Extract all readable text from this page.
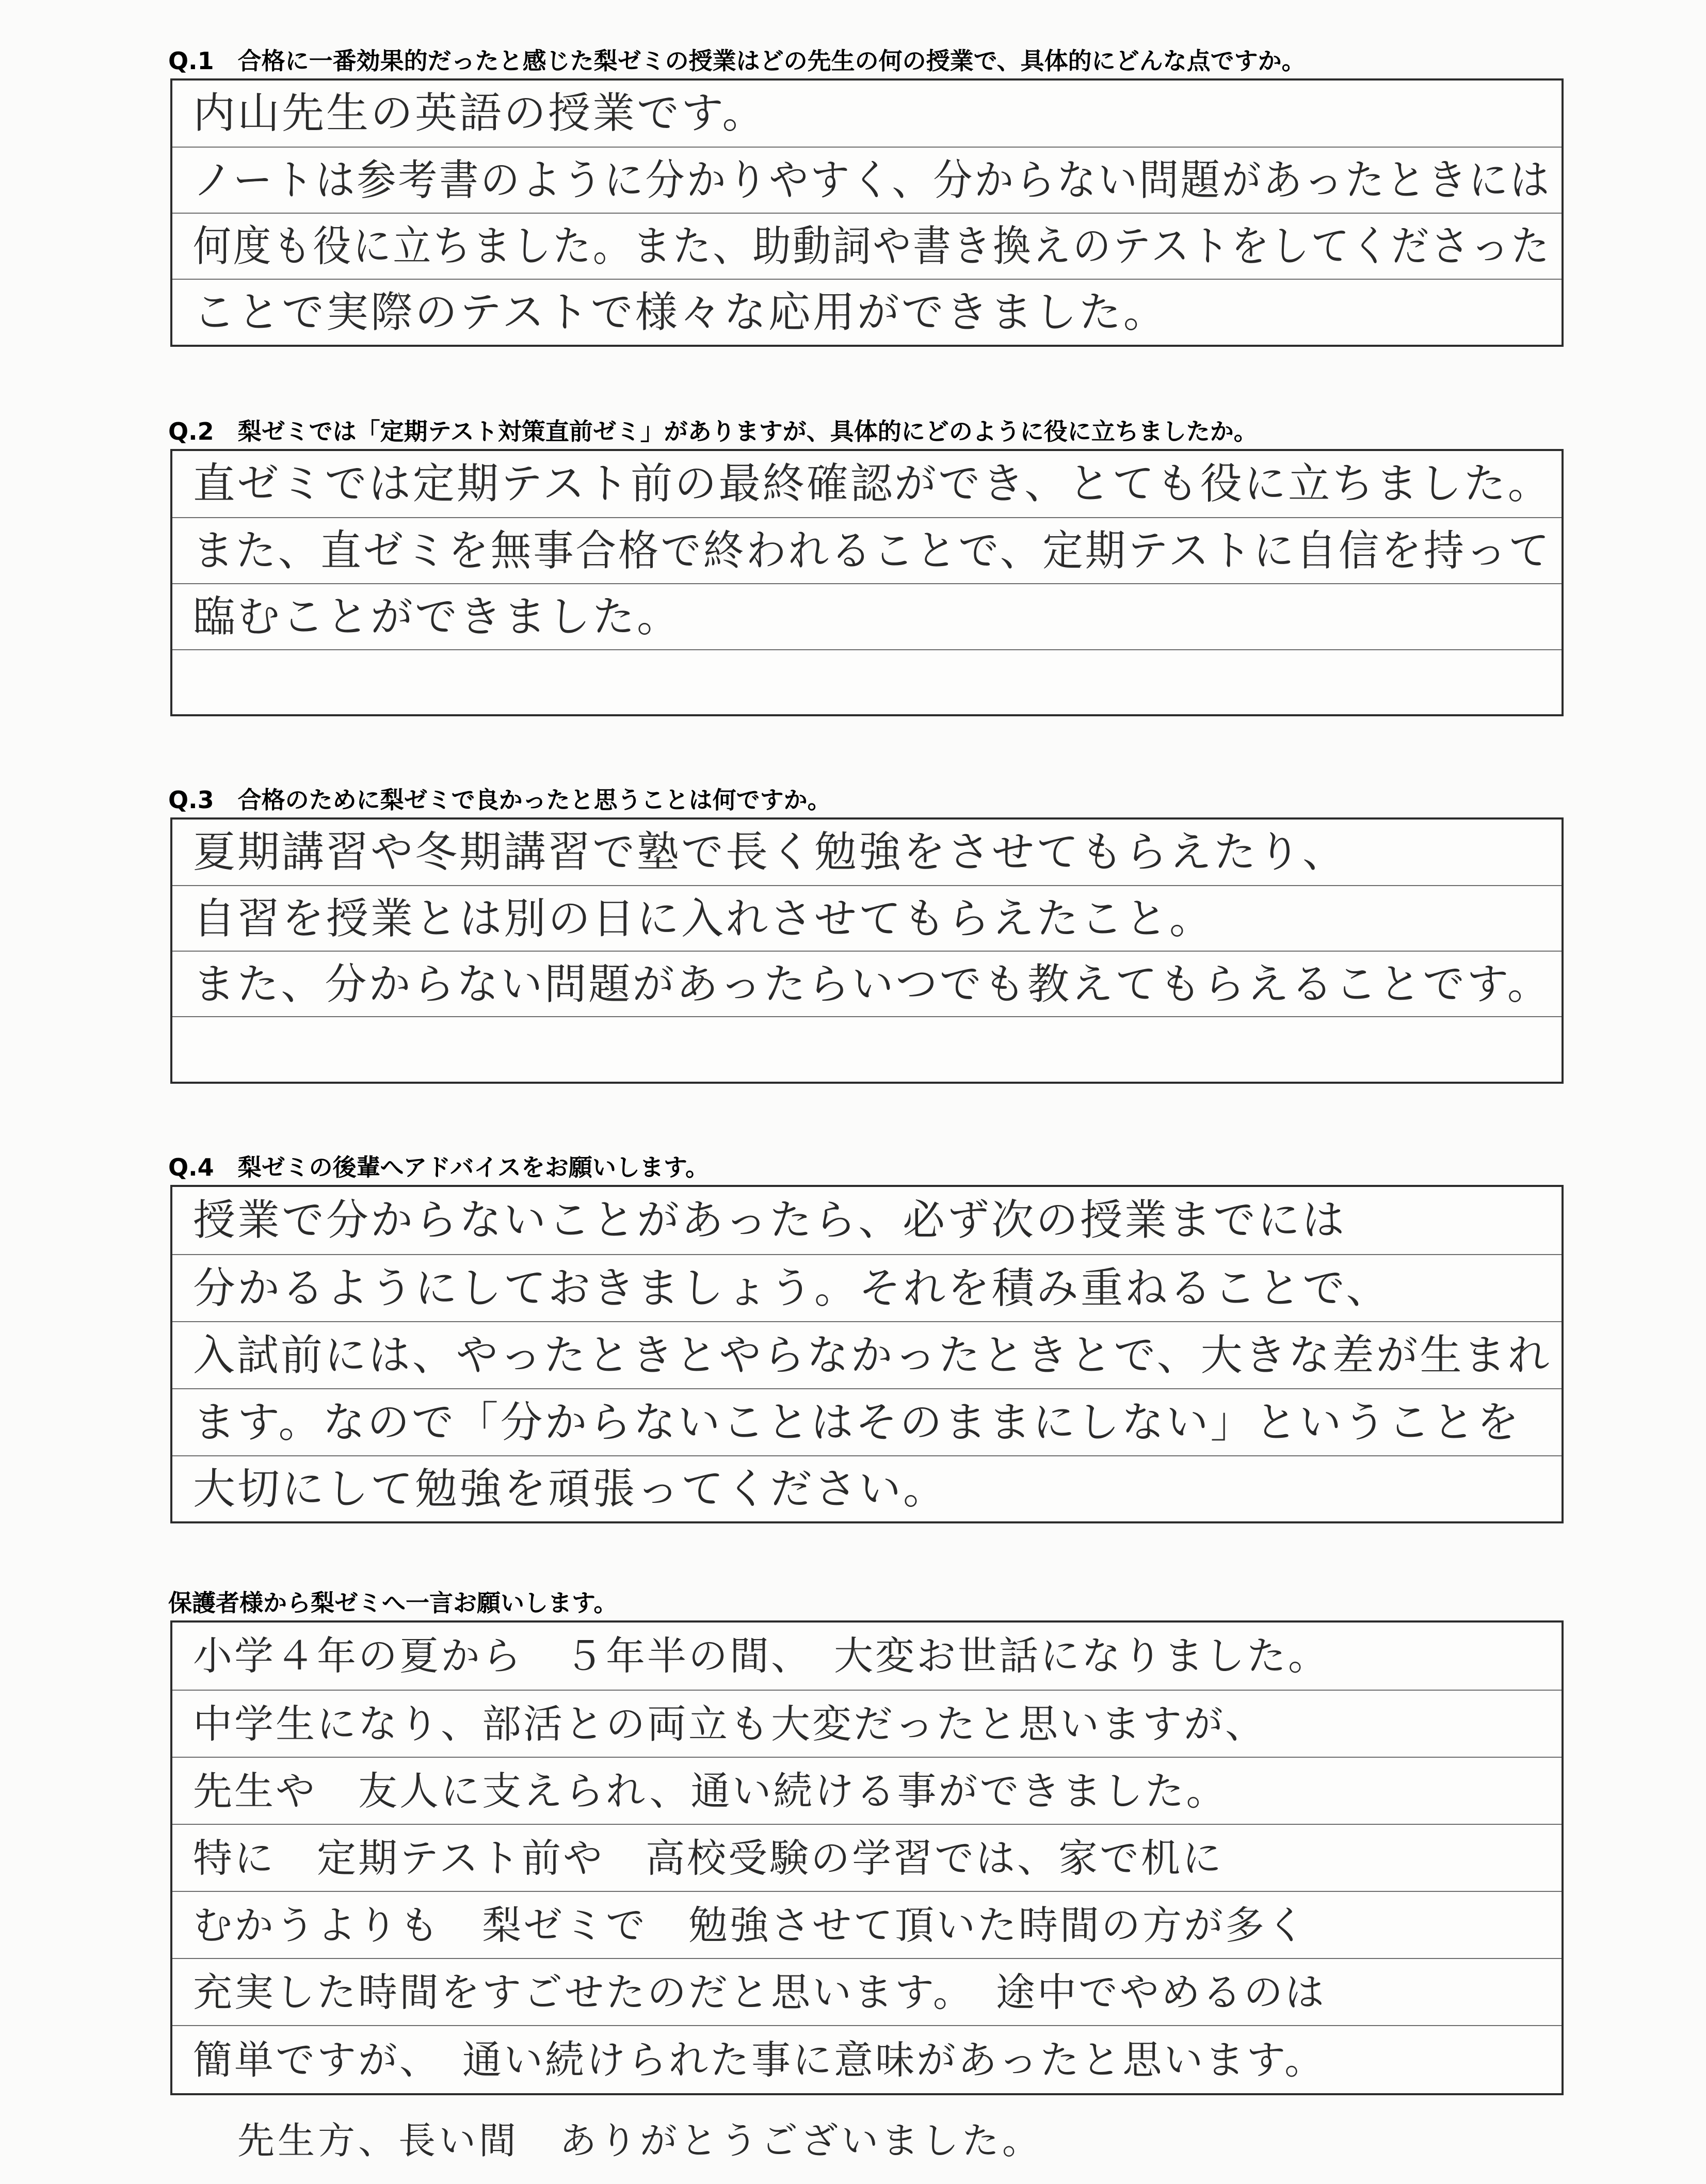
Q.1　合格に一番効果的だったと感じた梨ゼミの授業はどの先生の何の授業で、具体的にどんな点ですか。
内山先生の英語の授業です。
ノートは参考書のように分かりやすく、分からない問題があったときには
何度も役に立ちました。また、助動詞や書き換えのテストをしてくださった
ことで実際のテストで様々な応用ができました。
Q.2　梨ゼミでは「定期テスト対策直前ゼミ」がありますが、具体的にどのように役に立ちましたか。
直ゼミでは定期テスト前の最終確認ができ、とても役に立ちました。
また、直ゼミを無事合格で終われることで、定期テストに自信を持って
臨むことができました。
Q.3　合格のために梨ゼミで良かったと思うことは何ですか。
夏期講習や冬期講習で塾で長く勉強をさせてもらえたり、
自習を授業とは別の日に入れさせてもらえたこと。
また、分からない問題があったらいつでも教えてもらえることです。
Q.4　梨ゼミの後輩へアドバイスをお願いします。
授業で分からないことがあったら、必ず次の授業までには
分かるようにしておきましょう。それを積み重ねることで、
入試前には、やったときとやらなかったときとで、大きな差が生まれ
ます。なので「分からないことはそのままにしない」ということを
大切にして勉強を頑張ってください。
保護者様から梨ゼミへ一言お願いします。
小学４年の夏から　５年半の間、　大変お世話になりました。
中学生になり、部活との両立も大変だったと思いますが、
先生や　友人に支えられ、通い続ける事ができました。
特に　定期テスト前や　高校受験の学習では、家で机に
むかうよりも　梨ゼミで　勉強させて頂いた時間の方が多く
充実した時間をすごせたのだと思います。　途中でやめるのは
簡単ですが、　通い続けられた事に意味があったと思います。
先生方、長い間　ありがとうございました。
